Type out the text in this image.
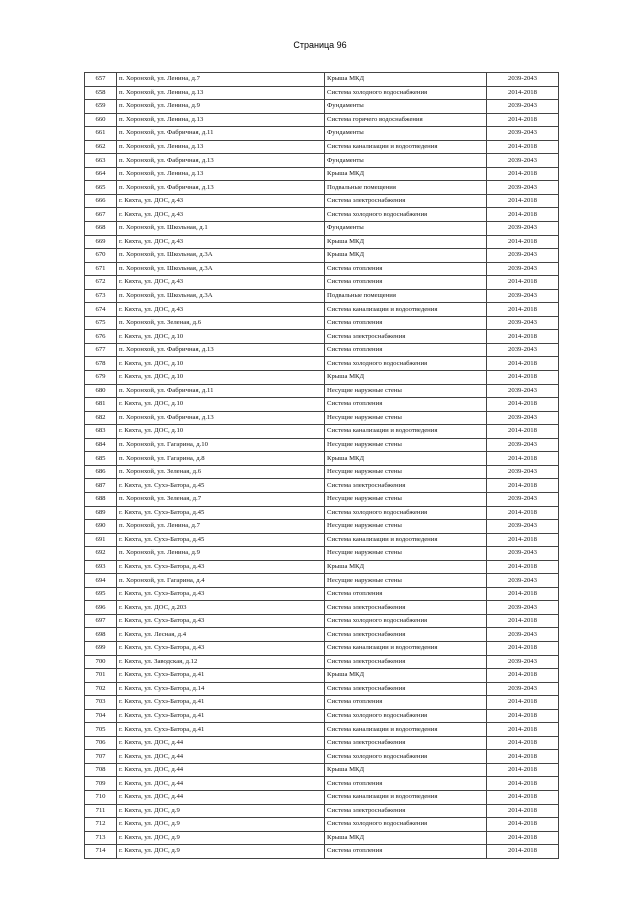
Страница 96
657	п. Хоронхой, ул. Ленина, д.7	Крыша МКД	2039-2043
658	п. Хоронхой, ул. Ленина, д.13	Система холодного водоснабжения	2014-2018
659	п. Хоронхой, ул. Ленина, д.9	Фундаменты	2039-2043
660	п. Хоронхой, ул. Ленина, д.13	Система горячего водоснабжения	2014-2018
661	п. Хоронхой, ул. Фабричная, д.11	Фундаменты	2039-2043
662	п. Хоронхой, ул. Ленина, д.13	Система канализации и водоотведения	2014-2018
663	п. Хоронхой, ул. Фабричная, д.13	Фундаменты	2039-2043
664	п. Хоронхой, ул. Ленина, д.13	Крыша МКД	2014-2018
665	п. Хоронхой, ул. Фабричная, д.13	Подвальные помещения	2039-2043
666	г. Кяхта, ул. ДОС, д.43	Система электроснабжения	2014-2018
667	г. Кяхта, ул. ДОС, д.43	Система холодного водоснабжения	2014-2018
668	п. Хоронхой, ул. Школьная, д.1	Фундаменты	2039-2043
669	г. Кяхта, ул. ДОС, д.43	Крыша МКД	2014-2018
670	п. Хоронхой, ул. Школьная, д.3А	Крыша МКД	2039-2043
671	п. Хоронхой, ул. Школьная, д.3А	Система отопления	2039-2043
672	г. Кяхта, ул. ДОС, д.43	Система отопления	2014-2018
673	п. Хоронхой, ул. Школьная, д.3А	Подвальные помещения	2039-2043
674	г. Кяхта, ул. ДОС, д.43	Система канализации и водоотведения	2014-2018
675	п. Хоронхой, ул. Зеленая, д.6	Система отопления	2039-2043
676	г. Кяхта, ул. ДОС, д.10	Система электроснабжения	2014-2018
677	п. Хоронхой, ул. Фабричная, д.13	Система отопления	2039-2043
678	г. Кяхта, ул. ДОС, д.10	Система холодного водоснабжения	2014-2018
679	г. Кяхта, ул. ДОС, д.10	Крыша МКД	2014-2018
680	п. Хоронхой, ул. Фабричная, д.11	Несущие наружные стены	2039-2043
681	г. Кяхта, ул. ДОС, д.10	Система отопления	2014-2018
682	п. Хоронхой, ул. Фабричная, д.13	Несущие наружные стены	2039-2043
683	г. Кяхта, ул. ДОС, д.10	Система канализации и водоотведения	2014-2018
684	п. Хоронхой, ул. Гагарина, д.10	Несущие наружные стены	2039-2043
685	п. Хоронхой, ул. Гагарина, д.8	Крыша МКД	2014-2018
686	п. Хоронхой, ул. Зеленая, д.6	Несущие наружные стены	2039-2043
687	г. Кяхта, ул. Сухэ-Батора, д.45	Система электроснабжения	2014-2018
688	п. Хоронхой, ул. Зеленая, д.7	Несущие наружные стены	2039-2043
689	г. Кяхта, ул. Сухэ-Батора, д.45	Система холодного водоснабжения	2014-2018
690	п. Хоронхой, ул. Ленина, д.7	Несущие наружные стены	2039-2043
691	г. Кяхта, ул. Сухэ-Батора, д.45	Система канализации и водоотведения	2014-2018
692	п. Хоронхой, ул. Ленина, д.9	Несущие наружные стены	2039-2043
693	г. Кяхта, ул. Сухэ-Батора, д.43	Крыша МКД	2014-2018
694	п. Хоронхой, ул. Гагарина, д.4	Несущие наружные стены	2039-2043
695	г. Кяхта, ул. Сухэ-Батора, д.43	Система отопления	2014-2018
696	г. Кяхта, ул. ДОС, д.203	Система электроснабжения	2039-2043
697	г. Кяхта, ул. Сухэ-Батора, д.43	Система холодного водоснабжения	2014-2018
698	г. Кяхта, ул. Лесная, д.4	Система электроснабжения	2039-2043
699	г. Кяхта, ул. Сухэ-Батора, д.43	Система канализации и водоотведения	2014-2018
700	г. Кяхта, ул. Заводская, д.12	Система электроснабжения	2039-2043
701	г. Кяхта, ул. Сухэ-Батора, д.41	Крыша МКД	2014-2018
702	г. Кяхта, ул. Сухэ-Батора, д.14	Система электроснабжения	2039-2043
703	г. Кяхта, ул. Сухэ-Батора, д.41	Система отопления	2014-2018
704	г. Кяхта, ул. Сухэ-Батора, д.41	Система холодного водоснабжения	2014-2018
705	г. Кяхта, ул. Сухэ-Батора, д.41	Система канализации и водоотведения	2014-2018
706	г. Кяхта, ул. ДОС, д.44	Система электроснабжения	2014-2018
707	г. Кяхта, ул. ДОС, д.44	Система холодного водоснабжения	2014-2018
708	г. Кяхта, ул. ДОС, д.44	Крыша МКД	2014-2018
709	г. Кяхта, ул. ДОС, д.44	Система отопления	2014-2018
710	г. Кяхта, ул. ДОС, д.44	Система канализации и водоотведения	2014-2018
711	г. Кяхта, ул. ДОС, д.9	Система электроснабжения	2014-2018
712	г. Кяхта, ул. ДОС, д.9	Система холодного водоснабжения	2014-2018
713	г. Кяхта, ул. ДОС, д.9	Крыша МКД	2014-2018
714	г. Кяхта, ул. ДОС, д.9	Система отопления	2014-2018
